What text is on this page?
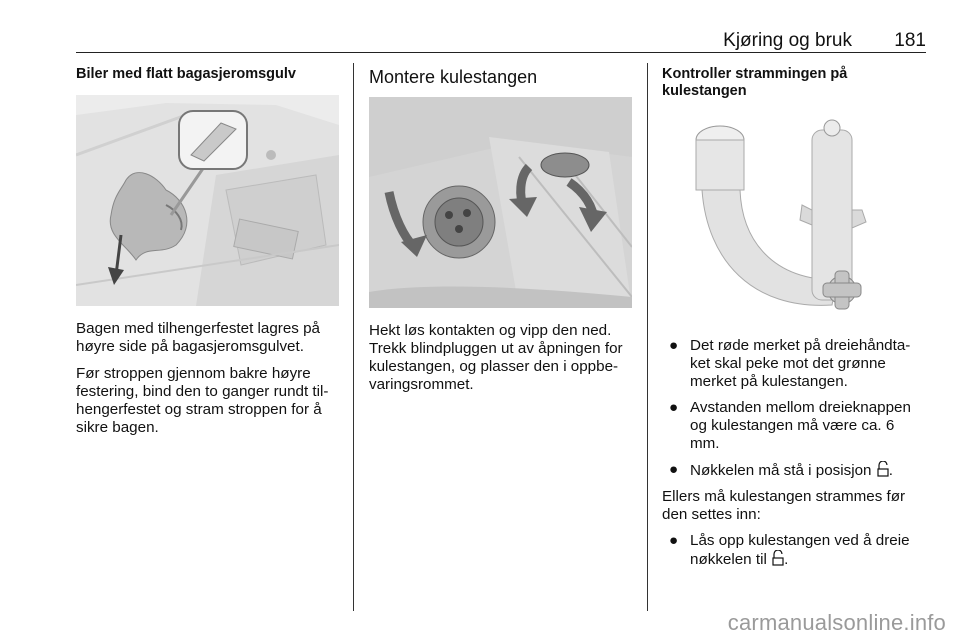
Kjøring og bruk 181
Biler med flatt bagasjeromsgulv

Bagen med tilhengerfestet lagres på høyre side på bagasjeromsgulvet.

Før stroppen gjennom bakre høyre festering, bind den to ganger rundt til-hengerfestet og stram stroppen for å sikre bagen.

Montere kulestangen

Hekt løs kontakten og vipp den ned. Trekk blindpluggen ut av åpningen for kulestangen, og plasser den i oppbe-varingsrommet.

Kontroller strammingen på kulestangen
● Det røde merket på dreiehåndta-ket skal peke mot det grønne merket på kulestangen.
● Avstanden mellom dreieknappen og kulestangen må være ca. 6 mm.
● Nøkkelen må stå i posisjon .

Ellers må kulestangen strammes før den settes inn:

● Lås opp kulestangen ved å dreie nøkkelen til .
carmanualsonline.info
